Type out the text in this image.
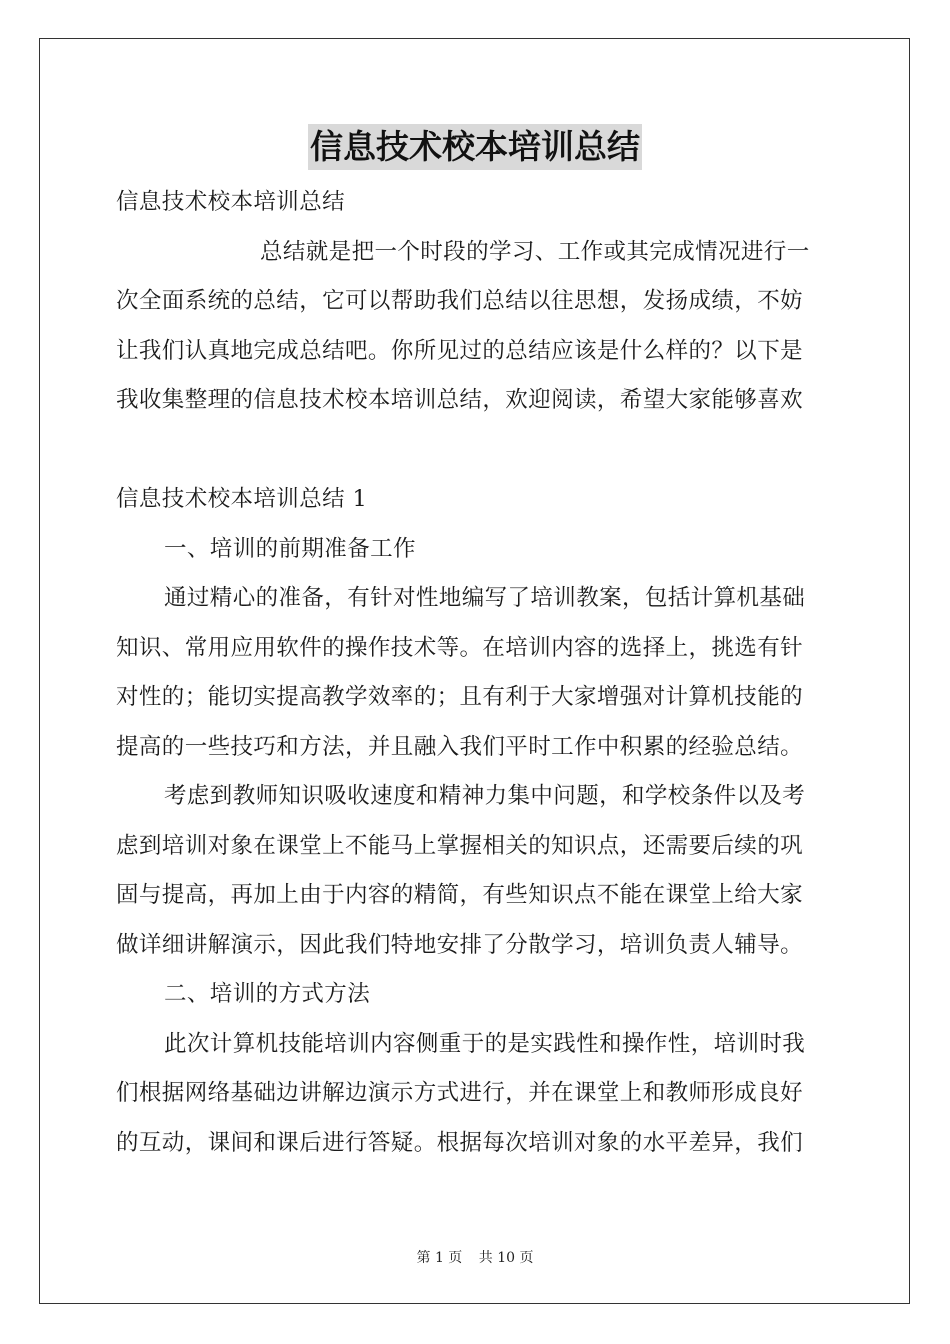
信息技术校本培训总结
信息技术校本培训总结
总结就是把一个时段的学习、工作或其完成情况进行一
次全面系统的总结，它可以帮助我们总结以往思想，发扬成绩，不妨
让我们认真地完成总结吧。你所见过的总结应该是什么样的？以下是
我收集整理的信息技术校本培训总结，欢迎阅读，希望大家能够喜欢
信息技术校本培训总结 1
一、培训的前期准备工作
通过精心的准备，有针对性地编写了培训教案，包括计算机基础
知识、常用应用软件的操作技术等。在培训内容的选择上，挑选有针
对性的；能切实提高教学效率的；且有利于大家增强对计算机技能的
提高的一些技巧和方法，并且融入我们平时工作中积累的经验总结。
考虑到教师知识吸收速度和精神力集中问题，和学校条件以及考
虑到培训对象在课堂上不能马上掌握相关的知识点，还需要后续的巩
固与提高，再加上由于内容的精简，有些知识点不能在课堂上给大家
做详细讲解演示，因此我们特地安排了分散学习，培训负责人辅导。
二、培训的方式方法
此次计算机技能培训内容侧重于的是实践性和操作性，培训时我
们根据网络基础边讲解边演示方式进行，并在课堂上和教师形成良好
的互动，课间和课后进行答疑。根据每次培训对象的水平差异，我们
第 1 页 共 10 页
